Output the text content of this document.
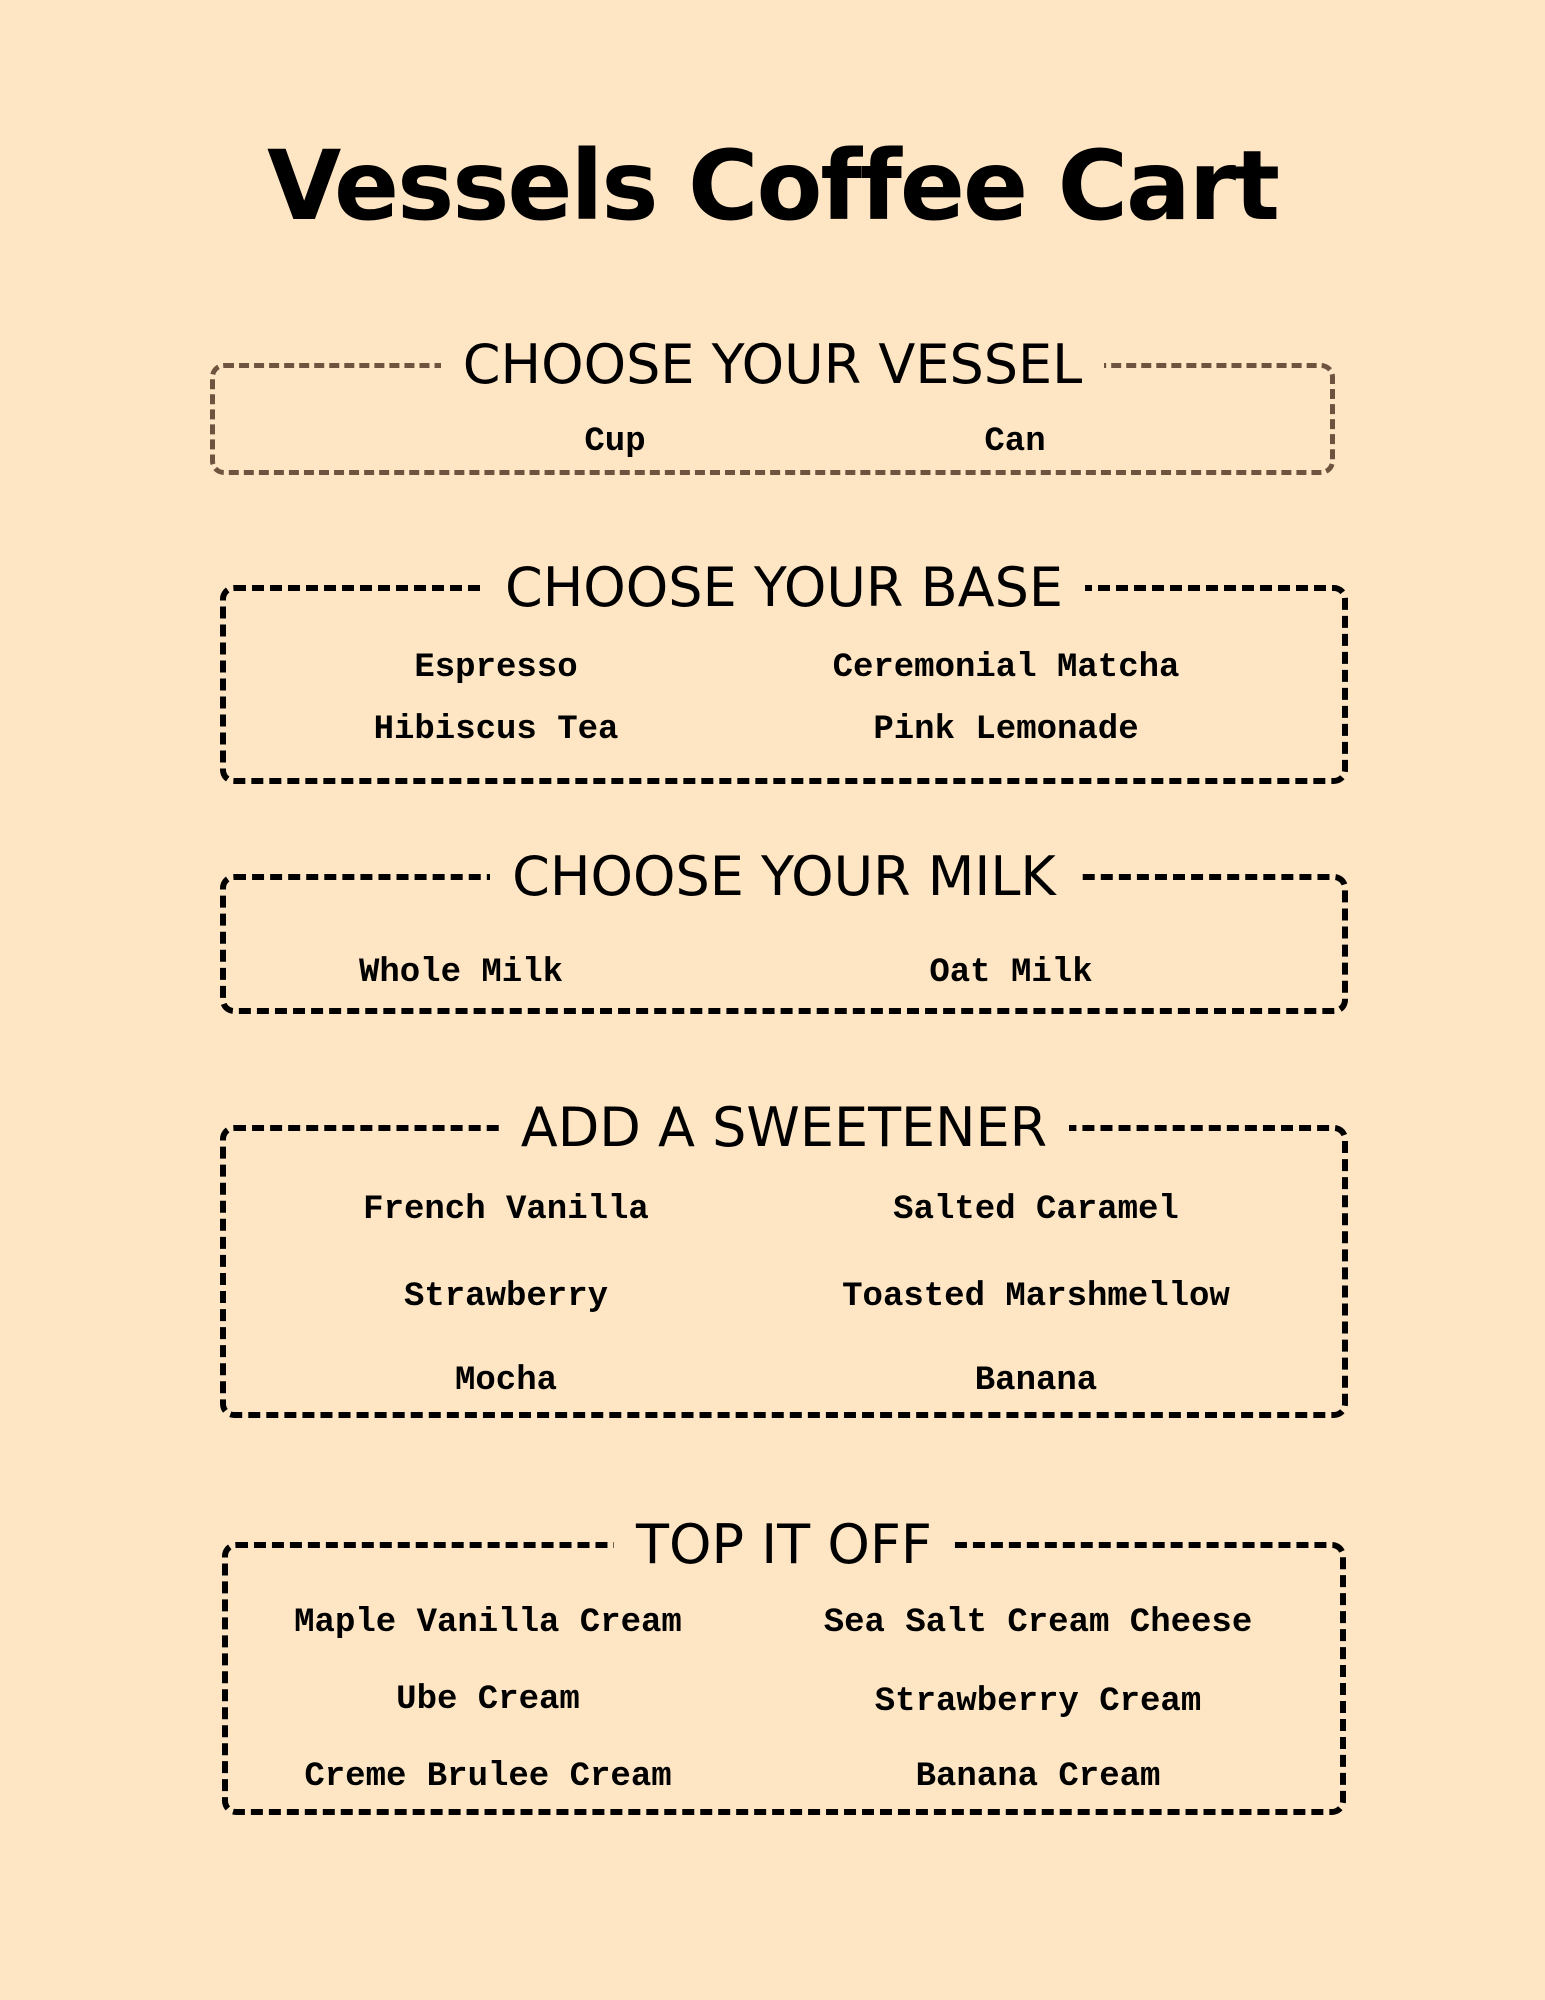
Vessels Coffee Cart
CHOOSE YOUR VESSEL
Cup	Can
CHOOSE YOUR BASE
Espresso	Ceremonial Matcha
Hibiscus Tea	Pink Lemonade
CHOOSE YOUR MILK
Whole Milk	Oat Milk
ADD A SWEETENER
French Vanilla	Salted Caramel
Strawberry	Toasted Marshmellow
Mocha	Banana
TOP IT OFF
Maple Vanilla Cream	Sea Salt Cream Cheese
Ube Cream	Strawberry Cream
Creme Brulee Cream	Banana Cream
